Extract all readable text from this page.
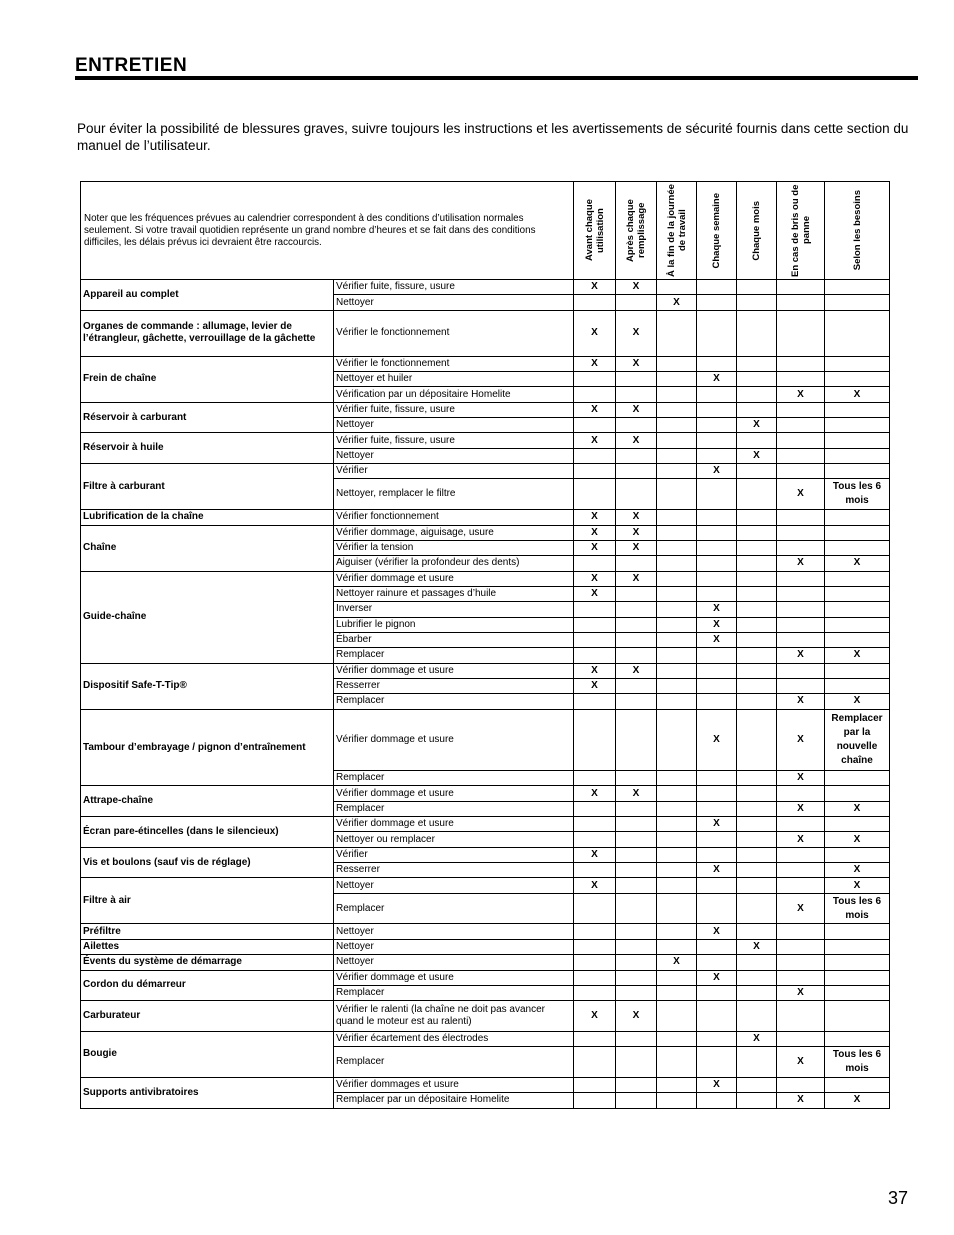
ENTRETIEN
Pour éviter la possibilité de blessures graves, suivre toujours les instructions et les avertissements de sécurité fournis dans cette section du manuel de l’utilisateur.
Noter que les fréquences prévues au calendrier correspondent à des conditions d’utilisation normales seulement. Si votre travail quotidien représente un grand nombre d’heures et se fait dans des conditions difficiles, les délais prévus ici devraient être raccourcis.		Avant chaque utilisation	Après chaque remplissage	À la fin de la journée de travail	Chaque semaine	Chaque mois	En cas de bris ou de panne	Selon les besoins

Appareil au complet	Vérifier fuite, fissure, usure	X	X					
	Nettoyer			X				
Organes de commande : allumage, levier de l’étrangleur, gâchette, verrouillage de la gâchette	Vérifier le fonctionnement	X	X					
Frein de chaîne	Vérifier le fonctionnement	X	X					
	Nettoyer et huiler				X			
	Vérification par un dépositaire Homelite						X	X
Réservoir à carburant	Vérifier fuite, fissure, usure	X	X					
	Nettoyer					X		
Réservoir à huile	Vérifier fuite, fissure, usure	X	X					
	Nettoyer					X		
Filtre à carburant	Vérifier				X			
	Nettoyer, remplacer le filtre						X	Tous les 6 mois
Lubrification de la chaîne	Vérifier fonctionnement	X	X					
Chaîne	Vérifier dommage, aiguisage, usure	X	X					
	Vérifier la tension	X	X					
	Aiguiser (vérifier la profondeur des dents)						X	X
Guide-chaîne	Vérifier dommage et usure	X	X					
	Nettoyer rainure et passages d’huile	X						
	Inverser				X			
	Lubrifier le pignon				X			
	Ébarber				X			
	Remplacer						X	X
Dispositif Safe-T-Tip®	Vérifier dommage et usure	X	X					
	Resserrer	X						
	Remplacer						X	X
Tambour d’embrayage / pignon d’entraînement	Vérifier dommage et usure				X		X	Remplacer par la nouvelle chaîne
	Remplacer						X	
Attrape-chaîne	Vérifier dommage et usure	X	X					
	Remplacer						X	X
Écran pare-étincelles (dans le silencieux)	Vérifier dommage et usure				X			
	Nettoyer ou remplacer						X	X
Vis et boulons (sauf vis de réglage)	Vérifier	X						
	Resserrer				X			X
Filtre à air	Nettoyer	X						X
	Remplacer						X	Tous les 6 mois
Préfiltre	Nettoyer				X			
Ailettes	Nettoyer					X		
Évents du système de démarrage	Nettoyer			X				
Cordon du démarreur	Vérifier dommage et usure				X			
	Remplacer						X	
Carburateur	Vérifier le ralenti (la chaîne ne doit pas avancer quand le moteur est au ralenti)	X	X					
Bougie	Vérifier écartement des électrodes					X		
	Remplacer						X	Tous les 6 mois
Supports antivibratoires	Vérifier dommages et usure				X			
	Remplacer par un dépositaire Homelite						X	X
37
